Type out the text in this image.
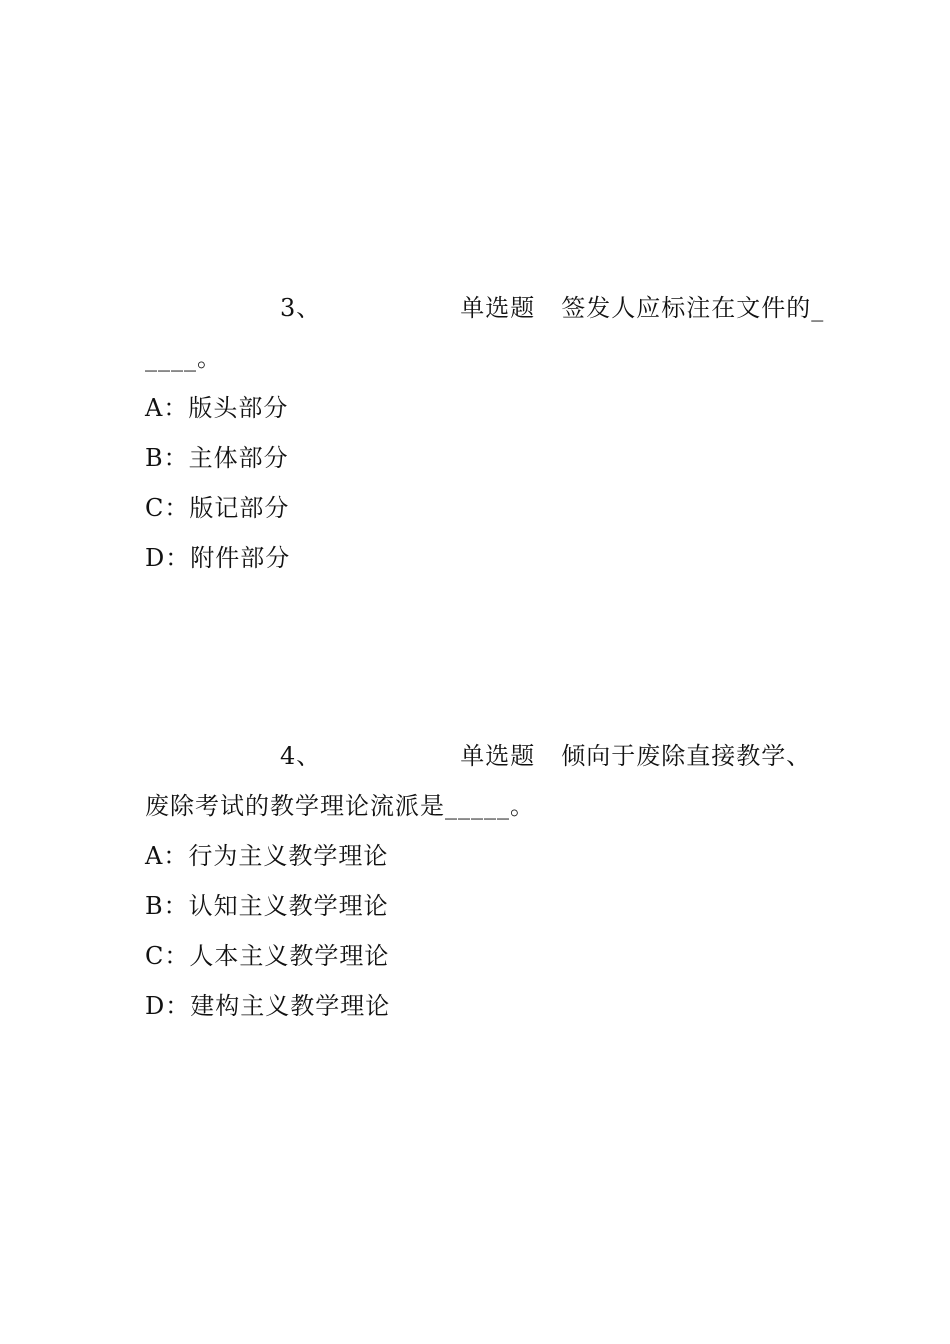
3、	单选题 签发人应标注在文件的_____。

A：版头部分

B：主体部分

C：版记部分

D：附件部分

4、	单选题 倾向于废除直接教学、废除考试的教学理论流派是_____。

A：行为主义教学理论

B：认知主义教学理论

C：人本主义教学理论

D：建构主义教学理论
